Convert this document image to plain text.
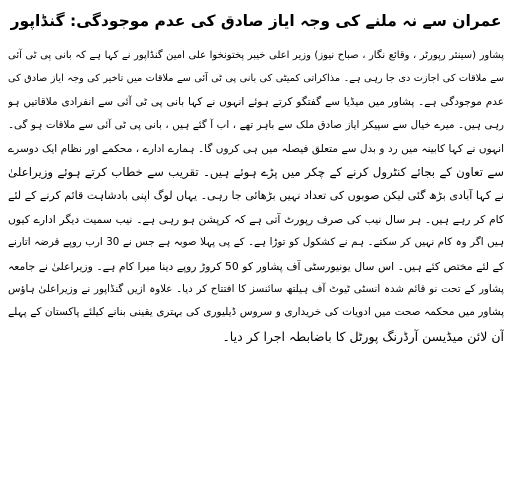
عمران سے نہ ملنے کی وجہ ایاز صادق کی عدم موجودگی: گنڈاپور
پشاور (سینئر رپورٹر ، وقائع نگار ، صباح نیوز) وزیر اعلی خیبر پختونخوا علی امین گنڈاپور نے کہا ہے کہ بانی پی ٹی آئی
سے ملاقات کی اجازت دی جا رہی ہے۔ مذاکراتی کمیٹی کی بانی پی ٹی آئی سے ملاقات میں تاخیر کی وجہ ایاز صادق کی
عدم موجودگی ہے۔ پشاور میں میڈیا سے گفتگو کرتے ہوئے انہوں نے کہا بانی پی ٹی آئی سے انفرادی ملاقاتیں ہو
رہی ہیں۔ میرے خیال سے سپیکر ایاز صادق ملک سے باہر تھے ، اب آ گئے ہیں ، بانی پی ٹی آئی سے ملاقات ہو گی۔
انہوں نے کہا کابینہ میں رد و بدل سے متعلق فیصلہ میں ہی کروں گا۔ ہمارے ادارے ، محکمے اور نظام ایک دوسرے
سے تعاون کے بجائے کنٹرول کرنے کے چکر میں پڑے ہوئے ہیں۔ تقریب سے خطاب کرتے ہوئے وزیراعلیٰ
نے کہا آبادی بڑھ گئی لیکن صوبوں کی تعداد نہیں بڑھائی جا رہی۔ یہاں لوگ اپنی بادشاہت قائم کرنے کے لئے
کام کر رہے ہیں۔ ہر سال نیب کی صرف رپورٹ آتی ہے کہ کرپشن ہو رہی ہے۔ نیب سمیت دیگر ادارے کیوں
ہیں اگر وہ کام نہیں کر سکتے۔ ہم نے کشکول کو توڑا ہے۔ کے پی پہلا صوبہ ہے جس نے 30 ارب روپے قرضہ اتارنے
کے لئے مختص کئے ہیں۔ اس سال یونیورسٹی آف پشاور کو 50 کروڑ روپے دینا میرا کام ہے۔ وزیراعلیٰ نے جامعہ
پشاور کے تحت نو قائم شدہ انسٹی ٹیوٹ آف ہیلتھ سائنسز کا افتتاح کر دیا۔ علاوہ ازیں گنڈاپور نے وزیراعلیٰ ہاؤس
پشاور میں محکمہ صحت میں ادویات کی خریداری و سروس ڈیلیوری کی بہتری یقینی بنانے کیلئے پاکستان کے پہلے
آن لائن میڈیسن آرڈرنگ پورٹل کا باضابطہ اجرا کر دیا۔
